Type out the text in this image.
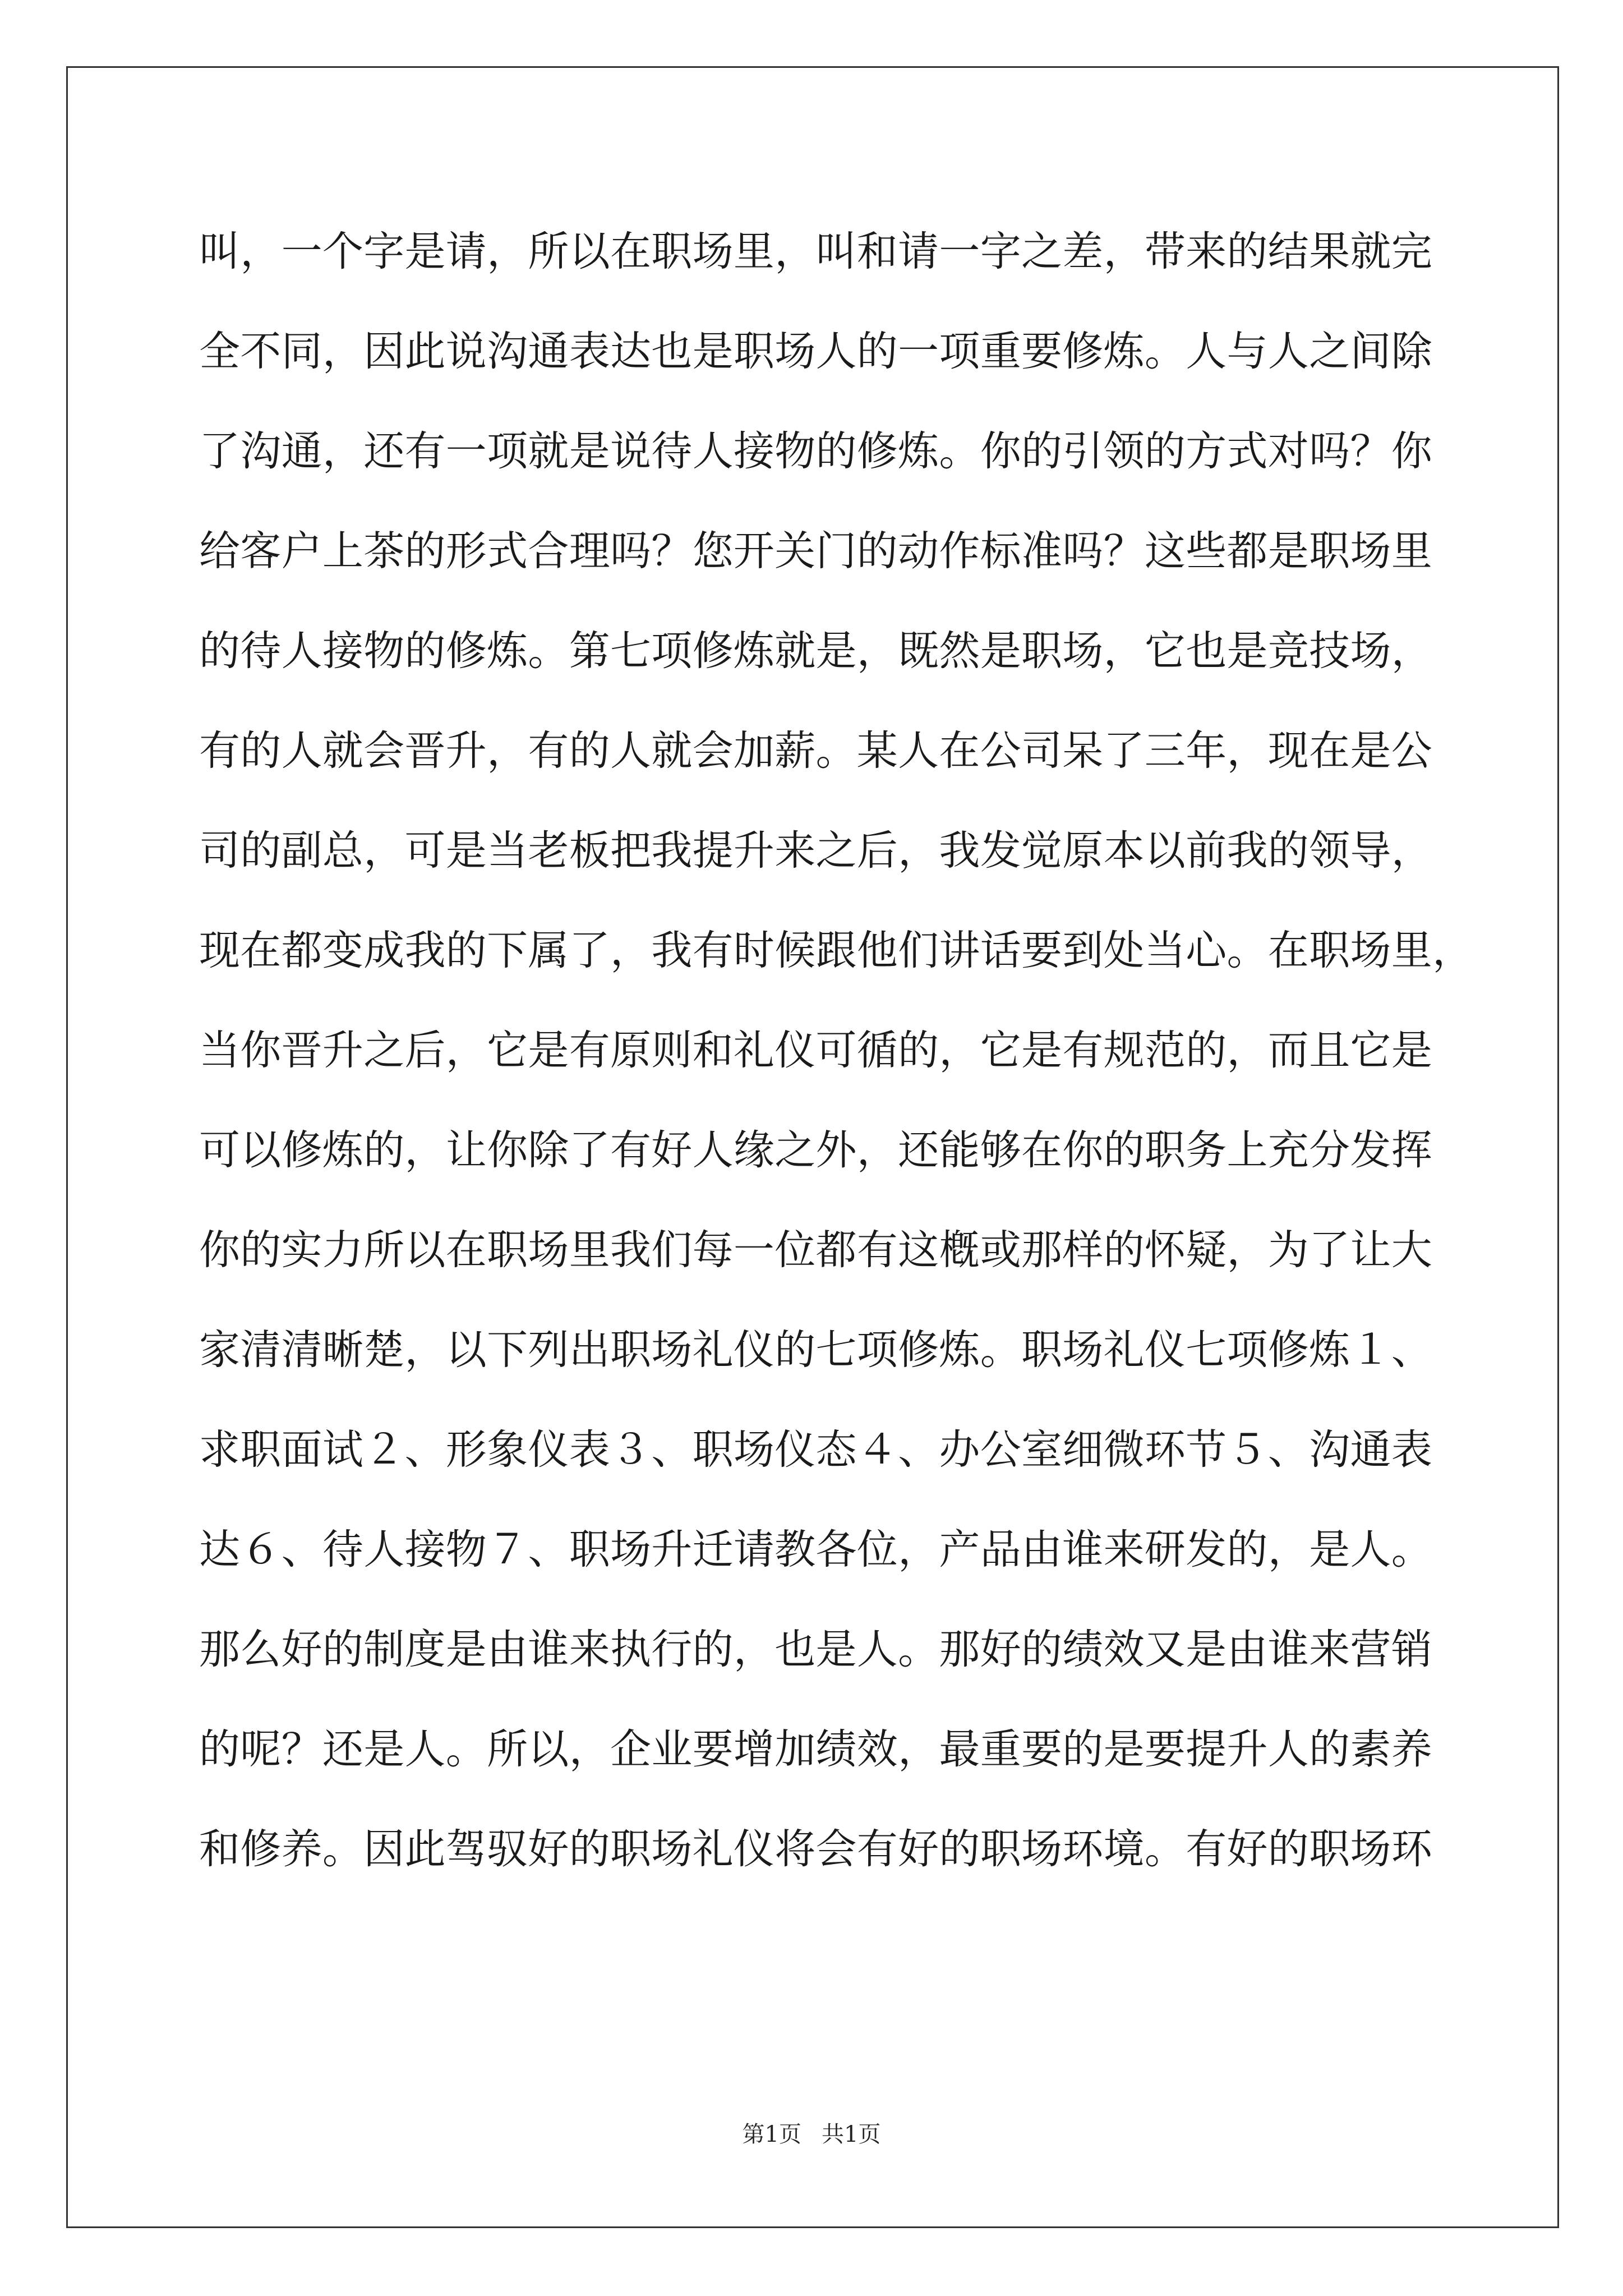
叫，一个字是请，所以在职场里，叫和请一字之差，带来的结果就完
全不同，因此说沟通表达也是职场人的一项重要修炼。人与人之间除
了沟通，还有一项就是说待人接物的修炼。你的引领的方式对吗？你
给客户上茶的形式合理吗？您开关门的动作标准吗？这些都是职场里
的待人接物的修炼。第七项修炼就是，既然是职场，它也是竞技场，
有的人就会晋升，有的人就会加薪。某人在公司呆了三年，现在是公
司的副总，可是当老板把我提升来之后，我发觉原本以前我的领导，
现在都变成我的下属了，我有时候跟他们讲话要到处当心。在职场里，
当你晋升之后，它是有原则和礼仪可循的，它是有规范的，而且它是
可以修炼的，让你除了有好人缘之外，还能够在你的职务上充分发挥
你的实力所以在职场里我们每一位都有这槪或那样的怀疑，为了让大
家清清晰楚，以下列出职场礼仪的七项修炼。职场礼仪七项修炼１、
求职面试２、形象仪表３、职场仪态４、办公室细微环节５、沟通表
达６、待人接物７、职场升迁请教各位，产品由谁来研发的，是人。
那么好的制度是由谁来执行的，也是人。那好的绩效又是由谁来营销
的呢？还是人。所以，企业要增加绩效，最重要的是要提升人的素养
和修养。因此驾驭好的职场礼仪将会有好的职场环境。有好的职场环
第1页 共1页
